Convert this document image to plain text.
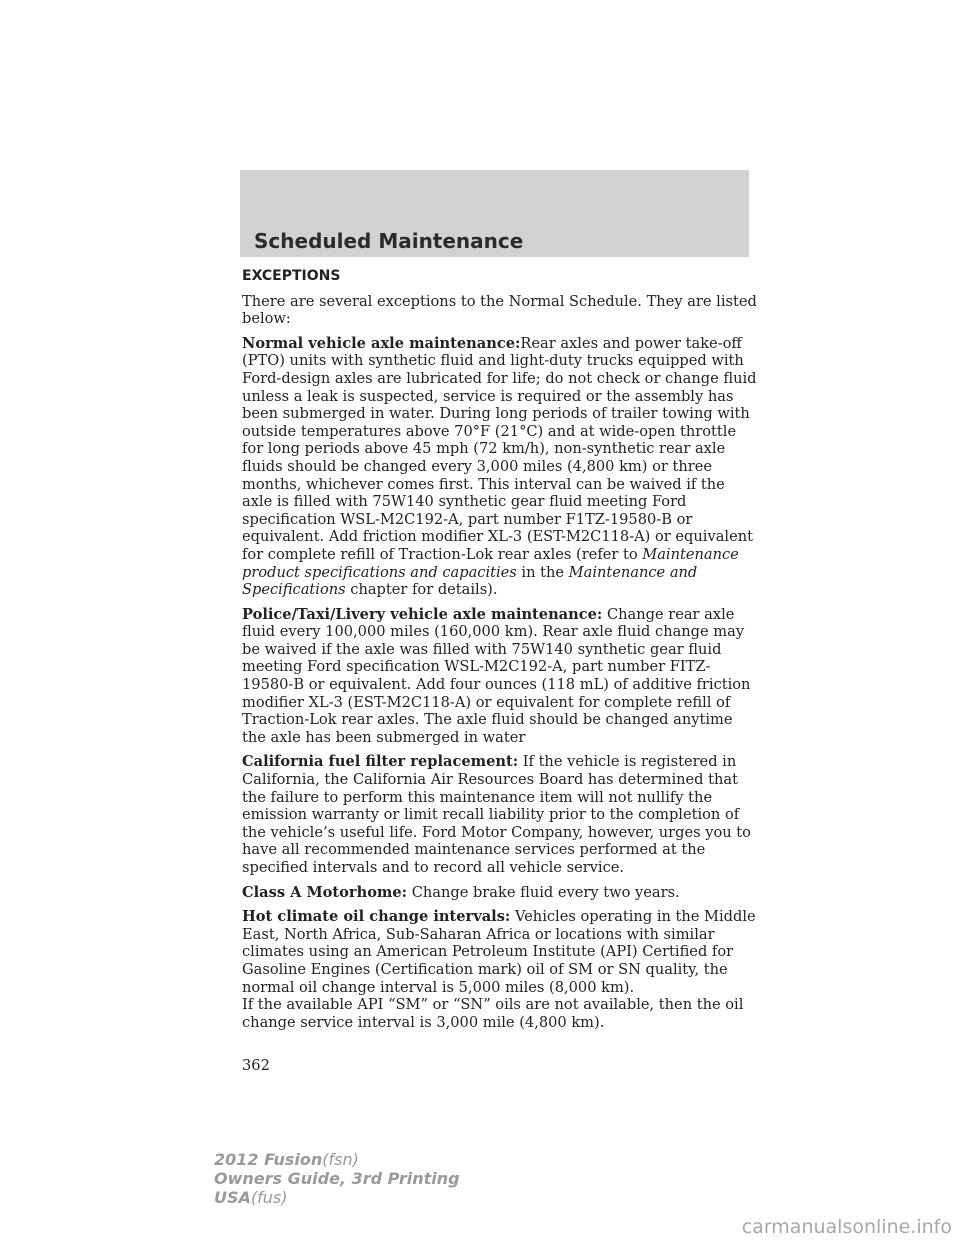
Scheduled Maintenance
EXCEPTIONS

There are several exceptions to the Normal Schedule. They are listed below:

Normal vehicle axle maintenance:Rear axles and power take-off (PTO) units with synthetic fluid and light-duty trucks equipped with Ford-design axles are lubricated for life; do not check or change fluid unless a leak is suspected, service is required or the assembly has been submerged in water. During long periods of trailer towing with outside temperatures above 70°F (21°C) and at wide-open throttle for long periods above 45 mph (72 km/h), non-synthetic rear axle fluids should be changed every 3,000 miles (4,800 km) or three months, whichever comes first. This interval can be waived if the axle is filled with 75W140 synthetic gear fluid meeting Ford specification WSL-M2C192-A, part number F1TZ-19580-B or equivalent. Add friction modifier XL-3 (EST-M2C118-A) or equivalent for complete refill of Traction-Lok rear axles (refer to Maintenance product specifications and capacities in the Maintenance and Specifications chapter for details).

Police/Taxi/Livery vehicle axle maintenance: Change rear axle fluid every 100,000 miles (160,000 km). Rear axle fluid change may be waived if the axle was filled with 75W140 synthetic gear fluid meeting Ford specification WSL-M2C192-A, part number FITZ-19580-B or equivalent. Add four ounces (118 mL) of additive friction modifier XL-3 (EST-M2C118-A) or equivalent for complete refill of Traction-Lok rear axles. The axle fluid should be changed anytime the axle has been submerged in water

California fuel filter replacement: If the vehicle is registered in California, the California Air Resources Board has determined that the failure to perform this maintenance item will not nullify the emission warranty or limit recall liability prior to the completion of the vehicle’s useful life. Ford Motor Company, however, urges you to have all recommended maintenance services performed at the specified intervals and to record all vehicle service.

Class A Motorhome: Change brake fluid every two years.

Hot climate oil change intervals: Vehicles operating in the Middle East, North Africa, Sub-Saharan Africa or locations with similar climates using an American Petroleum Institute (API) Certified for Gasoline Engines (Certification mark) oil of SM or SN quality, the normal oil change interval is 5,000 miles (8,000 km).

If the available API “SM” or “SN” oils are not available, then the oil change service interval is 3,000 mile (4,800 km).

362
2012 Fusion(fsn)
Owners Guide, 3rd Printing
USA(fus)
carmanualsonline.info
